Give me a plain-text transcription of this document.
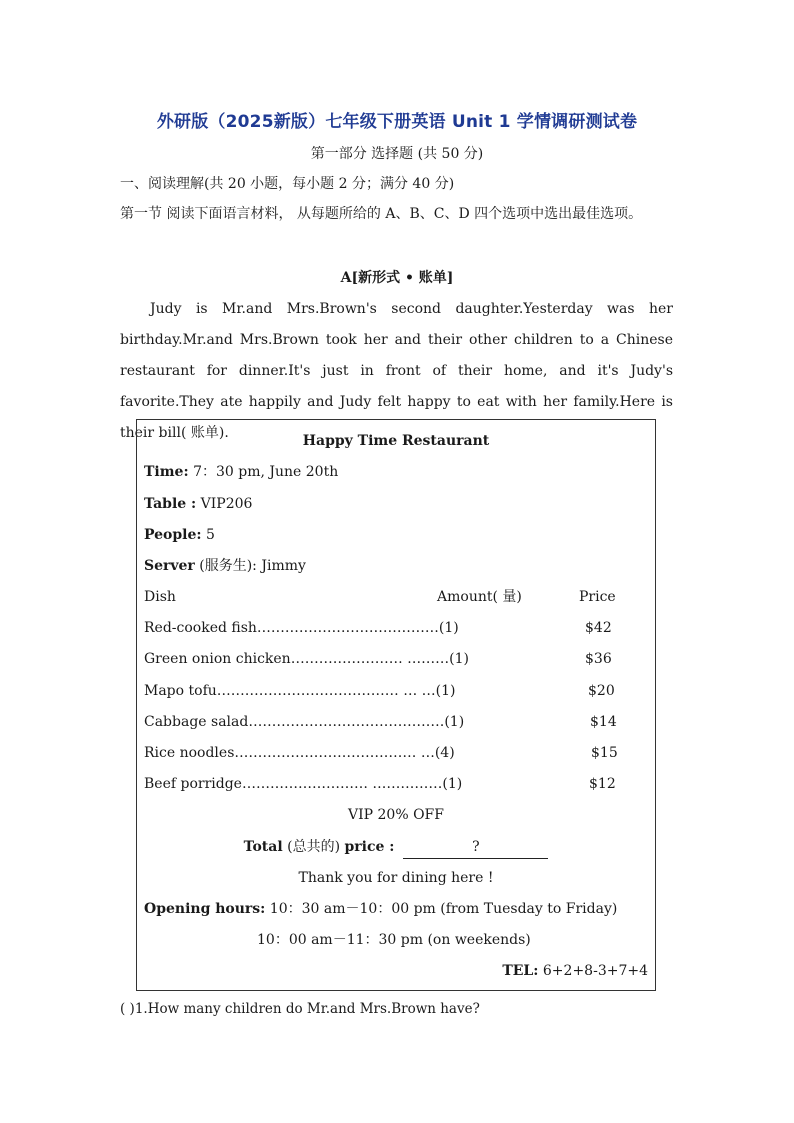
外研版（2025新版）七年级下册英语 Unit 1 学情调研测试卷
第一部分 选择题 (共 50 分)
一、阅读理解(共 20 小题，每小题 2 分；满分 40 分)
第一节 阅读下面语言材料， 从每题所给的 A、B、C、D 四个选项中选出最佳选项。
A[新形式 • 账单]
Judy is Mr.and Mrs.Brown's second daughter.Yesterday was her birthday.Mr.and Mrs.Brown took her and their other children to a Chinese restaurant for dinner.It's just in front of their home, and it's Judy's favorite.They ate happily and Judy felt happy to eat with her family.Here is their bill( 账单).	Happy Time Restaurant
Time: 7：30 pm, June 20th
Table : VIP206
People: 5
Server (服务生): Jimmy
Dish	Amount( 量)	Price
Red-cooked fish…………………………………(1)	$42
Green onion chicken…………………… ………(1)	$36
Mapo tofu………………………………… … …(1)	$20
Cabbage salad……………………………………(1)	$14
Rice noodles………………………………… …(4)	$15
Beef porridge……………………… ……………(1)	$12
VIP 20% OFF
Total (总共的) price :	?
Thank you for dining here !
Opening hours: 10：30 am－10：00 pm (from Tuesday to Friday)
10：00 am－11：30 pm (on weekends)
TEL: 6+2+8-3+7+4
( )1.How many children do Mr.and Mrs.Brown have?
